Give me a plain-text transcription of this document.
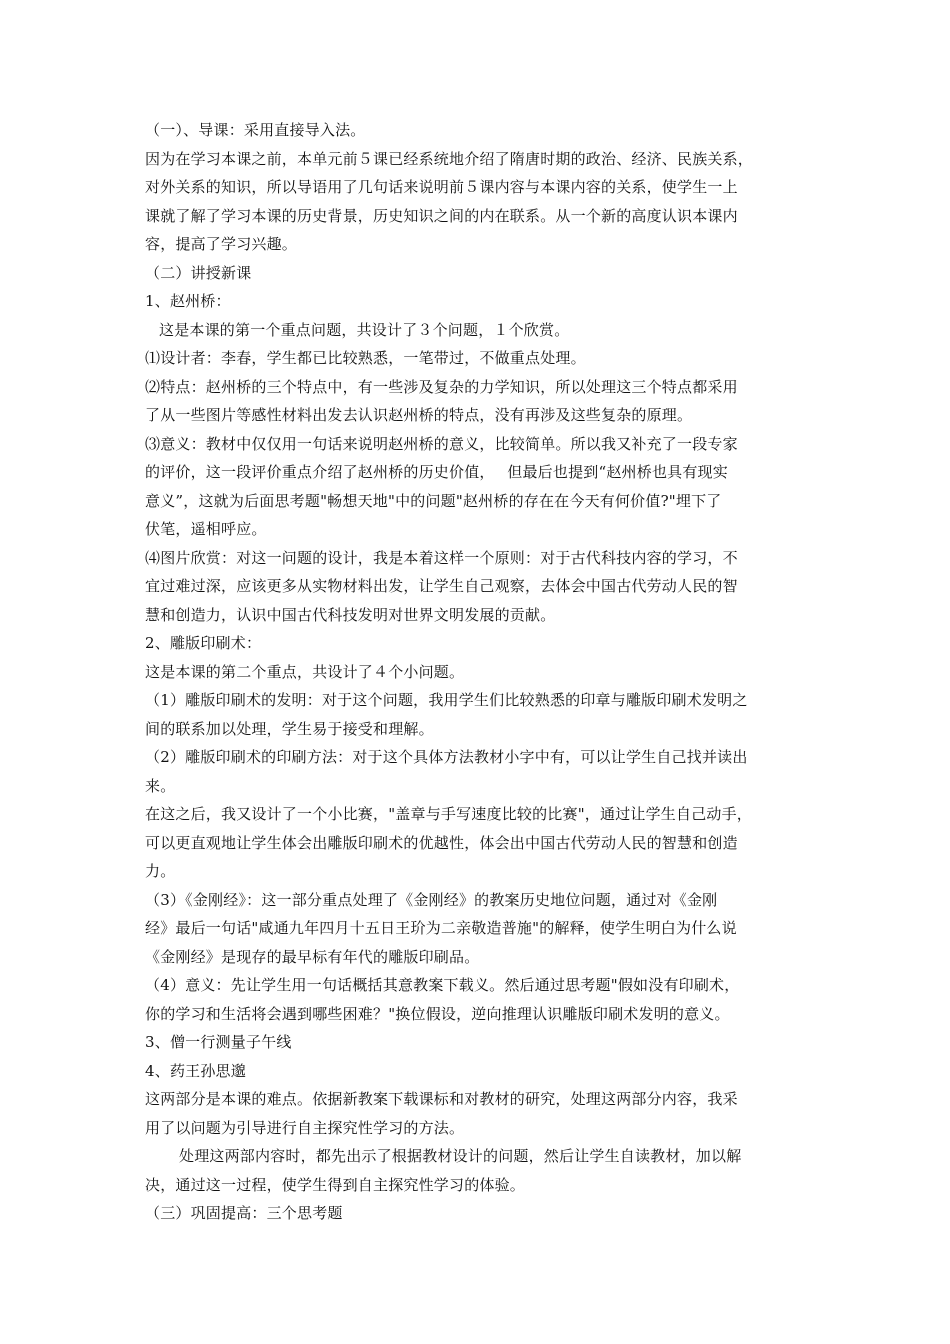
（一）、导课：采用直接导入法。
因为在学习本课之前，本单元前５课已经系统地介绍了隋唐时期的政治、经济、民族关系，
对外关系的知识，所以导语用了几句话来说明前５课内容与本课内容的关系，使学生一上
课就了解了学习本课的历史背景，历史知识之间的内在联系。从一个新的高度认识本课内
容，提高了学习兴趣。
（二）讲授新课
1、赵州桥：
这是本课的第一个重点问题，共设计了３个问题，１个欣赏。
⑴设计者：李春，学生都已比较熟悉，一笔带过，不做重点处理。
⑵特点：赵州桥的三个特点中，有一些涉及复杂的力学知识，所以处理这三个特点都采用
了从一些图片等感性材料出发去认识赵州桥的特点，没有再涉及这些复杂的原理。
⑶意义：教材中仅仅用一句话来说明赵州桥的意义，比较简单。所以我又补充了一段专家
的评价，这一段评价重点介绍了赵州桥的历史价值，　 但最后也提到“赵州桥也具有现实
意义”，这就为后面思考题"畅想天地"中的问题"赵州桥的存在在今天有何价值?"埋下了
伏笔，遥相呼应。
⑷图片欣赏：对这一问题的设计，我是本着这样一个原则：对于古代科技内容的学习，不
宜过难过深，应该更多从实物材料出发，让学生自己观察，去体会中国古代劳动人民的智
慧和创造力，认识中国古代科技发明对世界文明发展的贡献。
2、雕版印刷术：
这是本课的第二个重点，共设计了４个小问题。
（1）雕版印刷术的发明：对于这个问题，我用学生们比较熟悉的印章与雕版印刷术发明之
间的联系加以处理，学生易于接受和理解。
（2）雕版印刷术的印刷方法：对于这个具体方法教材小字中有，可以让学生自己找并读出
来。
在这之后，我又设计了一个小比赛，"盖章与手写速度比较的比赛"，通过让学生自己动手，
可以更直观地让学生体会出雕版印刷术的优越性，体会出中国古代劳动人民的智慧和创造
力。
（3）《金刚经》：这一部分重点处理了《金刚经》的教案历史地位问题，通过对《金刚
经》最后一句话"咸通九年四月十五日王玠为二亲敬造普施"的解释，使学生明白为什么说
《金刚经》是现存的最早标有年代的雕版印刷品。
（4）意义：先让学生用一句话概括其意教案下载义。然后通过思考题"假如没有印刷术，
你的学习和生活将会遇到哪些困难？"换位假设，逆向推理认识雕版印刷术发明的意义。
3、僧一行测量子午线
4、药王孙思邈
这两部分是本课的难点。依据新教案下载课标和对教材的研究，处理这两部分内容，我采
用了以问题为引导进行自主探究性学习的方法。
处理这两部内容时，都先出示了根据教材设计的问题，然后让学生自读教材，加以解
决，通过这一过程，使学生得到自主探究性学习的体验。
（三）巩固提高：三个思考题
